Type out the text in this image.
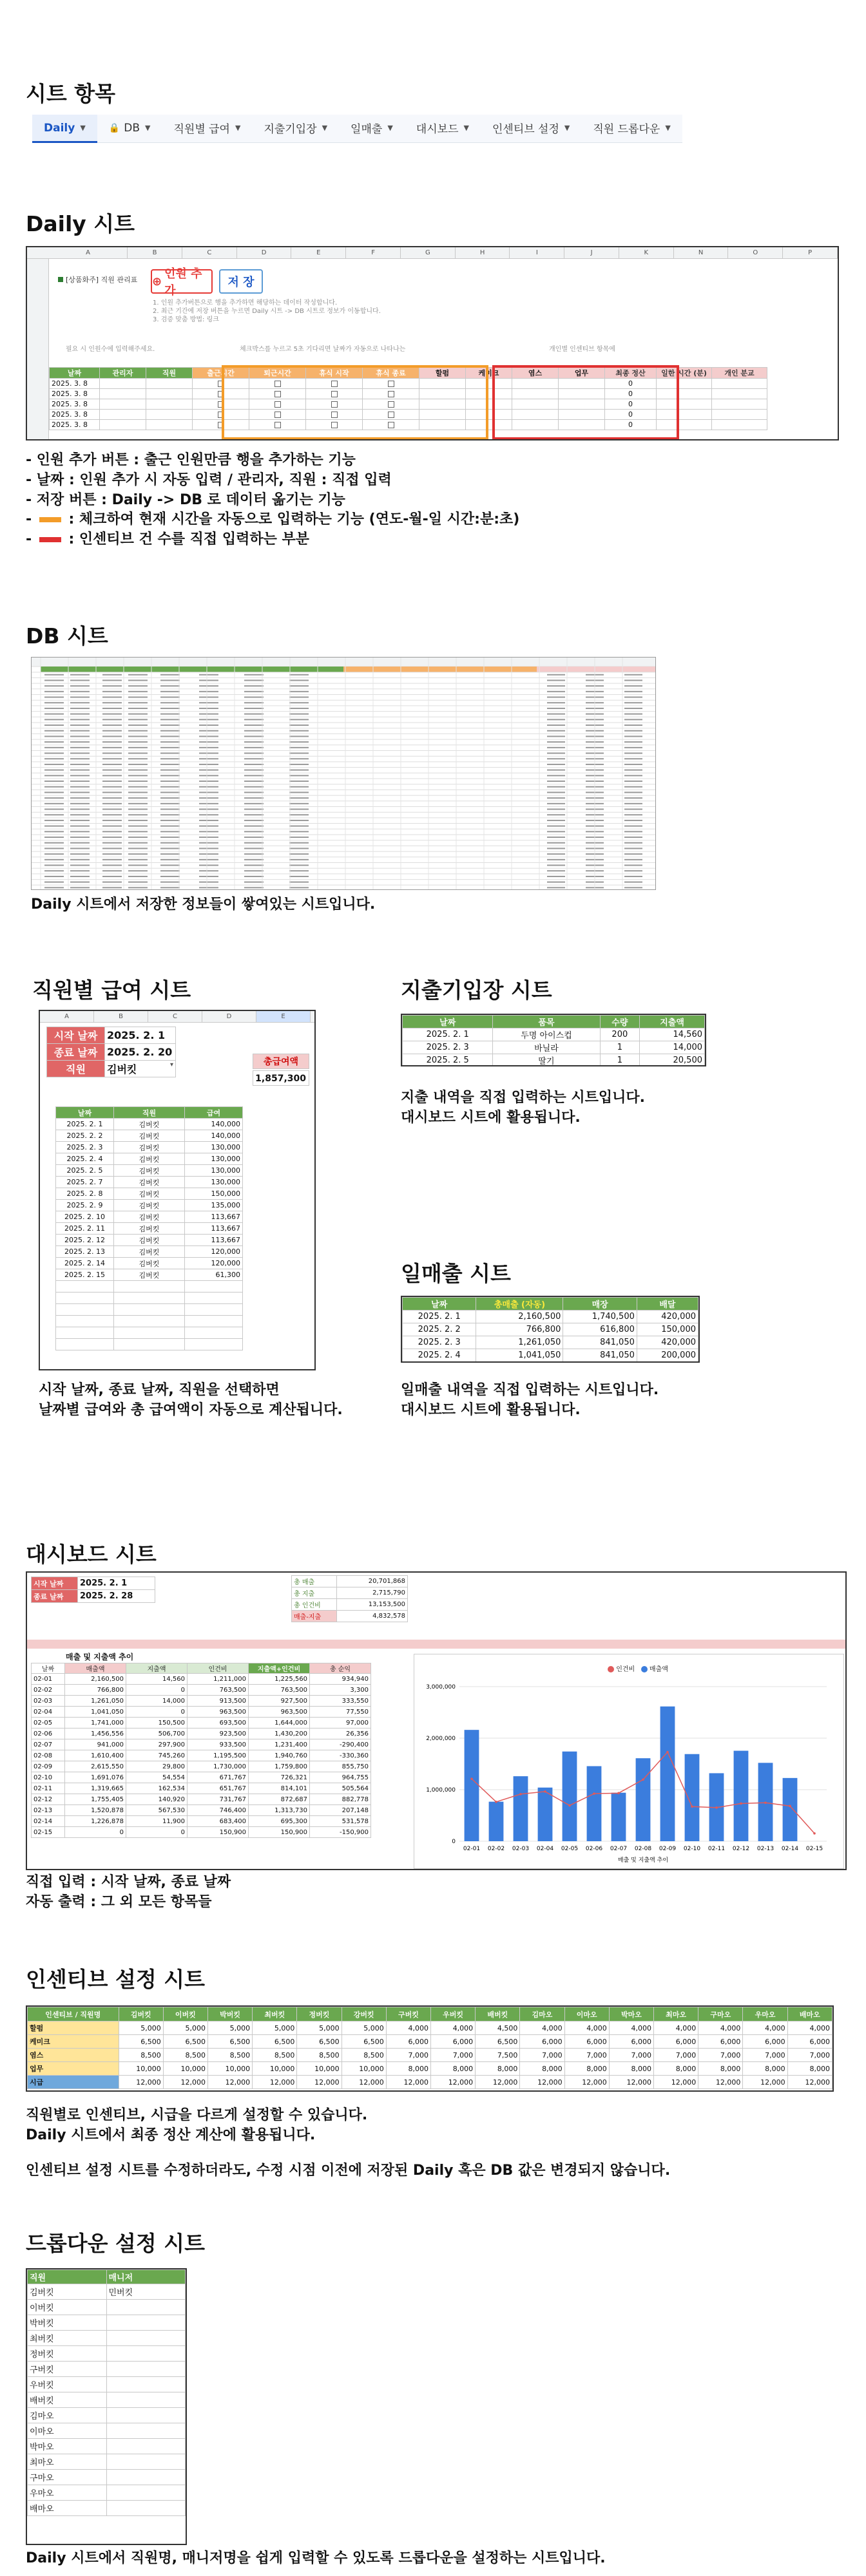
시트 항목
Daily ▼	🔒 DB ▼ 직원별 급여 ▼ 지출기입장 ▼ 일매출 ▼ 대시보드 ▼ 인센티브 설정 ▼ 직원 드롭다운 ▼
Daily 시트
A	B	C	D	E	F	G	H	I	J	K	N	O	P
[상품화주] 직원 관리표 ⊕
인원 추가
저 장
1. 인원 추가버튼으로 행을 추가하면 해당하는 데이터 작성합니다.
2. 최근 기간에 저장 버튼을 누르면 Daily 시트 -> DB 시트로 정보가 이동합니다.
3. 검증 맞춤 방법: 링크
필요 시 인원수에 입력해주세요.	체크박스를 누르고 5초 기다리면 날짜가 자동으로 나타나는	개인별 인센티브 항목에
날짜	관리자	직원	출근시간	퇴근시간	휴식 시작	휴식 종료	할펌	케미크	염스	업무	최종 정산	일한 시간 (분)	개인 분교
2025. 3. 8											0		
2025. 3. 8											0		
2025. 3. 8											0		
2025. 3. 8											0		
2025. 3. 8											0		
- 인원 추가 버튼 : 출근 인원만큼 행을 추가하는 기능
- 날짜 : 인원 추가 시 자동 입력 / 관리자, 직원 : 직접 입력
- 저장 버튼 : Daily -> DB 로 데이터 옮기는 기능
-  : 체크하여 현재 시간을 자동으로 입력하는 기능 (연도-월-일 시간:분:초)
-  : 인센티브 건 수를 직접 입력하는 부분
DB 시트
Daily 시트에서 저장한 정보들이 쌓여있는 시트입니다.
직원별 급여 시트
A	B	C	D	E
시작 날짜	2025. 2. 1
종료 날짜	2025. 2. 20
직원	김버킷 ▾	총급여액
1,857,300
날짜	직원	급여
2025. 2. 1	김버킷	140,000
2025. 2. 2	김버킷	140,000
2025. 2. 3	김버킷	130,000
2025. 2. 4	김버킷	130,000
2025. 2. 5	김버킷	130,000
2025. 2. 7	김버킷	130,000
2025. 2. 8	김버킷	150,000
2025. 2. 9	김버킷	135,000
2025. 2. 10	김버킷	113,667
2025. 2. 11	김버킷	113,667
2025. 2. 12	김버킷	113,667
2025. 2. 13	김버킷	120,000
2025. 2. 14	김버킷	120,000
2025. 2. 15	김버킷	61,300

시작 날짜, 종료 날짜, 직원을 선택하면
날짜별 급여와 총 급여액이 자동으로 계산됩니다.
지출기입장 시트
날짜	품목	수량	지출액
2025. 2. 1	두명 아이스컵	200	14,560
2025. 2. 3	바닐라	1	14,000
2025. 2. 5	딸기	1	20,500
지출 내역을 직접 입력하는 시트입니다.
대시보드 시트에 활용됩니다.
일매출 시트
날짜	총매출 (자동)	매장	배달
2025. 2. 1	2,160,500	1,740,500	420,000
2025. 2. 2	766,800	616,800	150,000
2025. 2. 3	1,261,050	841,050	420,000
2025. 2. 4	1,041,050	841,050	200,000
일매출 내역을 직접 입력하는 시트입니다.
대시보드 시트에 활용됩니다.
대시보드 시트
시작 날짜	2025. 2. 1
종료 날짜	2025. 2. 28
총 매출	20,701,868
총 지출	2,715,790
총 인건비	13,153,500
매출-지출	4,832,578
매출 및 지출액 추이
날짜	매출액	지출액	인건비	지출액+인건비	총 순익
02-01	2,160,500	14,560	1,211,000	1,225,560	934,940
02-02	766,800	0	763,500	763,500	3,300
02-03	1,261,050	14,000	913,500	927,500	333,550
02-04	1,041,050	0	963,500	963,500	77,550
02-05	1,741,000	150,500	693,500	1,644,000	97,000
02-06	1,456,556	506,700	923,500	1,430,200	26,356
02-07	941,000	297,900	933,500	1,231,400	-290,400
02-08	1,610,400	745,260	1,195,500	1,940,760	-330,360
02-09	2,615,550	29,800	1,730,000	1,759,800	855,750
02-10	1,691,076	54,554	671,767	726,321	964,755
02-11	1,319,665	162,534	651,767	814,101	505,564
02-12	1,755,405	140,920	731,767	872,687	882,778
02-13	1,520,878	567,530	746,400	1,313,730	207,148
02-14	1,226,878	11,900	683,400	695,300	531,578
02-15	0	0	150,900	150,900	-150,900
인건비 매출액
3,000,000
2,000,000
1,000,000
0
02-01 02-02 02-03 02-04 02-05 02-06 02-07 02-08 02-09 02-10 02-11 02-12 02-13 02-14 02-15
매출 및 지출액 추이
직접 입력 : 시작 날짜, 종료 날짜
자동 출력 : 그 외 모든 항목들
인센티브 설정 시트
인센티브 / 직원명	김버킷	이버킷	박버킷	최버킷	정버킷	강버킷	구버킷	우버킷	배버킷	김마오	이마오	박마오	최마오	구마오	우마오	배마오
할펌	5,000	5,000	5,000	5,000	5,000	5,000	4,000	4,000	4,500	4,000	4,000	4,000	4,000	4,000	4,000	4,000
케미크	6,500	6,500	6,500	6,500	6,500	6,500	6,000	6,000	6,500	6,000	6,000	6,000	6,000	6,000	6,000	6,000
염스	8,500	8,500	8,500	8,500	8,500	8,500	7,000	7,000	7,500	7,000	7,000	7,000	7,000	7,000	7,000	7,000
업무	10,000	10,000	10,000	10,000	10,000	10,000	8,000	8,000	8,000	8,000	8,000	8,000	8,000	8,000	8,000	8,000
시급	12,000	12,000	12,000	12,000	12,000	12,000	12,000	12,000	12,000	12,000	12,000	12,000	12,000	12,000	12,000	12,000
직원별로 인센티브, 시급을 다르게 설정할 수 있습니다.
Daily 시트에서 최종 정산 계산에 활용됩니다.
인센티브 설정 시트를 수정하더라도, 수정 시점 이전에 저장된 Daily 혹은 DB 값은 변경되지 않습니다.
드롭다운 설정 시트
직원	매니저
김버킷	민버킷
이버킷	
박버킷	
최버킷	
정버킷	
구버킷	
우버킷	
배버킷	
김마오	
이마오	
박마오	
최마오	
구마오	
우마오	
배마오	
Daily 시트에서 직원명, 매니저명을 쉽게 입력할 수 있도록 드롭다운을 설정하는 시트입니다.
